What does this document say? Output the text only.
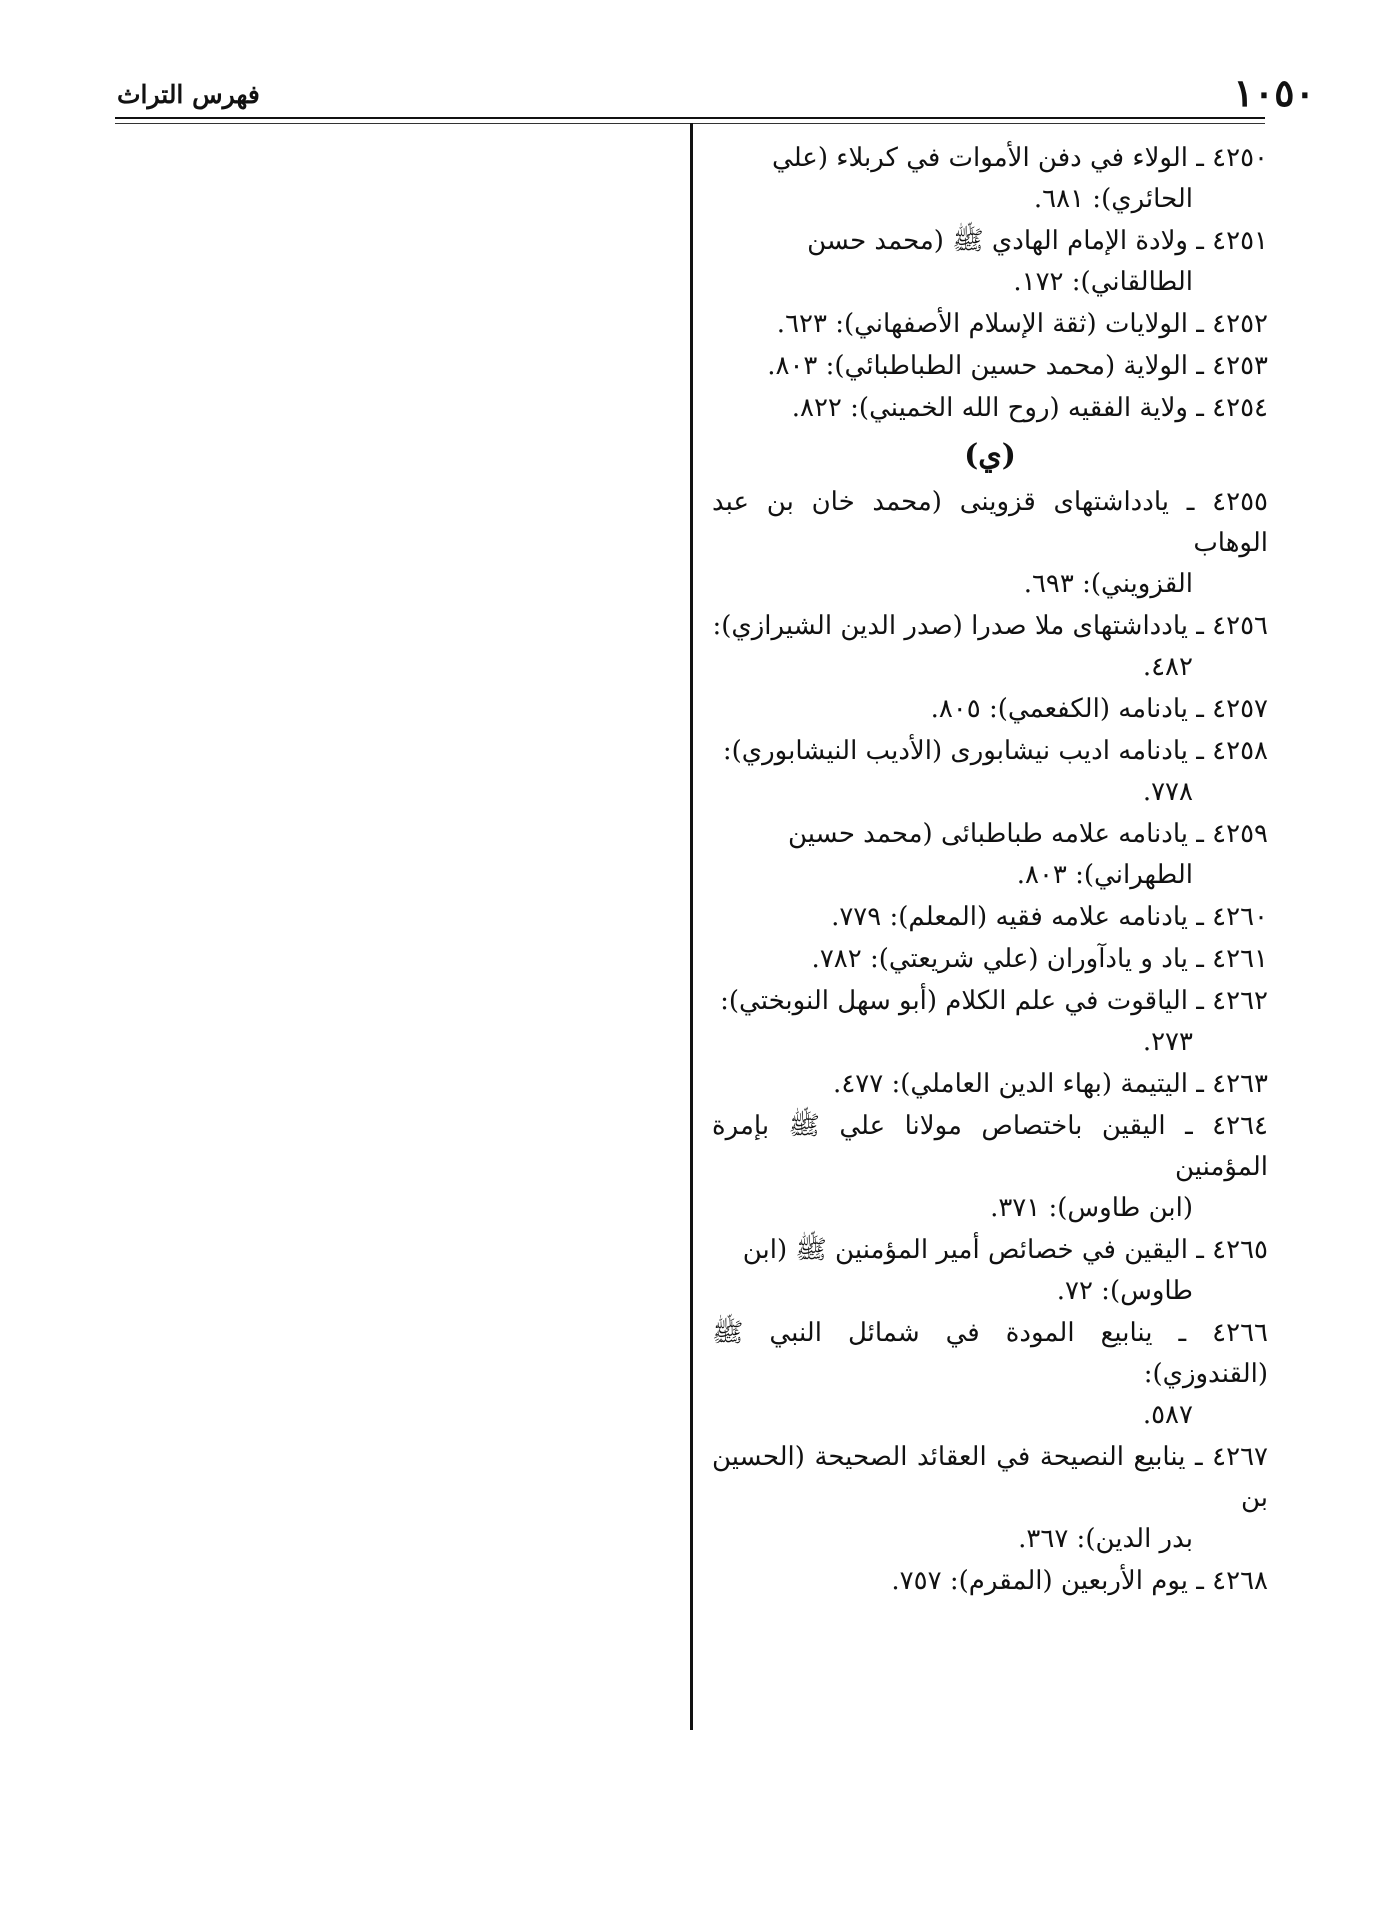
١٠٥٠
فهرس التراث
٤٢٥٠ ـ الولاء في دفن الأموات في كربلاء (علي
الحائري): ٦٨١.
٤٢٥١ ـ ولادة الإمام الهادي ﷺ (محمد حسن
الطالقاني): ١٧٢.
٤٢٥٢ ـ الولايات (ثقة الإسلام الأصفهاني): ٦٢٣.
٤٢٥٣ ـ الولاية (محمد حسين الطباطبائي): ٨٠٣.
٤٢٥٤ ـ ولاية الفقيه (روح الله الخميني): ٨٢٢.
(ي)
٤٢٥٥ ـ يادداشتهاى قزوينى (محمد خان بن عبد الوهاب
القزويني): ٦٩٣.
٤٢٥٦ ـ يادداشتهاى ملا صدرا (صدر الدين الشيرازي):
٤٨٢.
٤٢٥٧ ـ يادنامه (الكفعمي): ٨٠٥.
٤٢٥٨ ـ يادنامه اديب نيشابورى (الأديب النيشابوري):
٧٧٨.
٤٢٥٩ ـ يادنامه علامه طباطبائى (محمد حسين
الطهراني): ٨٠٣.
٤٢٦٠ ـ يادنامه علامه فقيه (المعلم): ٧٧٩.
٤٢٦١ ـ ياد و يادآوران (علي شريعتي): ٧٨٢.
٤٢٦٢ ـ الياقوت في علم الكلام (أبو سهل النوبختي):
٢٧٣.
٤٢٦٣ ـ اليتيمة (بهاء الدين العاملي): ٤٧٧.
٤٢٦٤ ـ اليقين باختصاص مولانا علي ﷺ بإمرة المؤمنين
(ابن طاوس): ٣٧١.
٤٢٦٥ ـ اليقين في خصائص أمير المؤمنين ﷺ (ابن
طاوس): ٧٢.
٤٢٦٦ ـ ينابيع المودة في شمائل النبي ﷺ (القندوزي):
٥٨٧.
٤٢٦٧ ـ ينابيع النصيحة في العقائد الصحيحة (الحسين بن
بدر الدين): ٣٦٧.
٤٢٦٨ ـ يوم الأربعين (المقرم): ٧٥٧.
